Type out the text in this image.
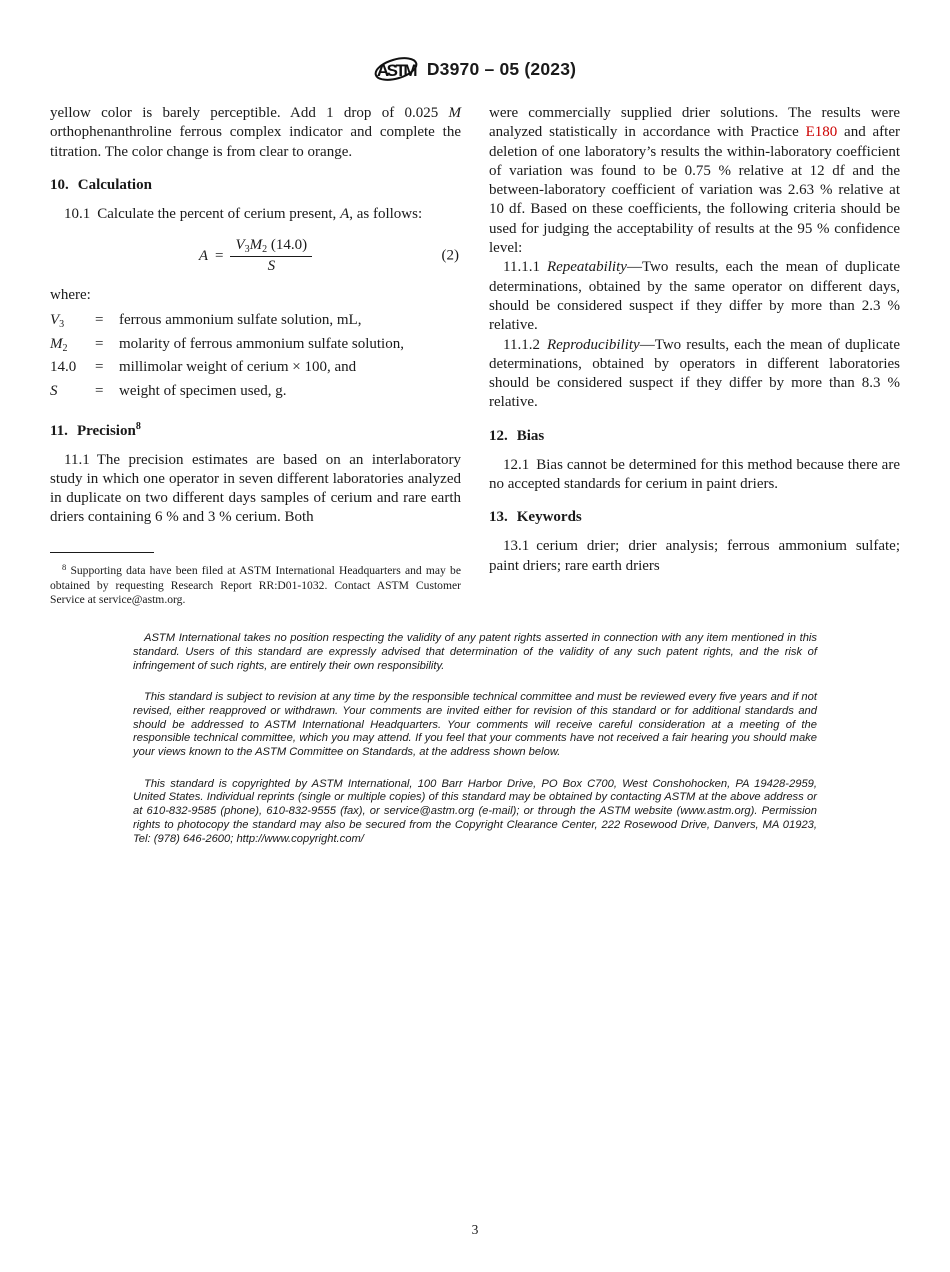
ASTM D3970 – 05 (2023)

yellow color is barely perceptible. Add 1 drop of 0.025 M orthophenanthroline ferrous complex indicator and complete the titration. The color change is from clear to orange.

10. Calculation

10.1 Calculate the percent of cerium present, A, as follows:

$A = \frac{V_3M_2 (14.0)}{S}$	(2)

where:

$V_3$	=	ferrous ammonium sulfate solution, mL,
$M_2$	=	molarity of ferrous ammonium sulfate solution,
14.0	=	millimolar weight of cerium × 100, and
S	=	weight of specimen used, g.
11. Precision$^8$

11.1 The precision estimates are based on an interlaboratory study in which one operator in seven different laboratories analyzed in duplicate on two different days samples of cerium and rare earth driers containing 6 % and 3 % cerium. Both

$^8$ Supporting data have been filed at ASTM International Headquarters and may be obtained by requesting Research Report RR:D01-1032. Contact ASTM Customer Service at service@astm.org.

were commercially supplied drier solutions. The results were analyzed statistically in accordance with Practice E180 and after deletion of one laboratory’s results the within-laboratory coefficient of variation was found to be 0.75 % relative at 12 df and the between-laboratory coefficient of variation was 2.63 % relative at 10 df. Based on these coefficients, the following criteria should be used for judging the acceptability of results at the 95 % confidence level:

11.1.1 Repeatability—Two results, each the mean of duplicate determinations, obtained by the same operator on different days, should be considered suspect if they differ by more than 2.3 % relative.

11.1.2 Reproducibility—Two results, each the mean of duplicate determinations, obtained by operators in different laboratories should be considered suspect if they differ by more than 8.3 % relative.

12. Bias

12.1 Bias cannot be determined for this method because there are no accepted standards for cerium in paint driers.

13. Keywords

13.1 cerium drier; drier analysis; ferrous ammonium sulfate; paint driers; rare earth driers

ASTM International takes no position respecting the validity of any patent rights asserted in connection with any item mentioned in this standard. Users of this standard are expressly advised that determination of the validity of any such patent rights, and the risk of infringement of such rights, are entirely their own responsibility.

This standard is subject to revision at any time by the responsible technical committee and must be reviewed every five years and if not revised, either reapproved or withdrawn. Your comments are invited either for revision of this standard or for additional standards and should be addressed to ASTM International Headquarters. Your comments will receive careful consideration at a meeting of the responsible technical committee, which you may attend. If you feel that your comments have not received a fair hearing you should make your views known to the ASTM Committee on Standards, at the address shown below.

This standard is copyrighted by ASTM International, 100 Barr Harbor Drive, PO Box C700, West Conshohocken, PA 19428-2959, United States. Individual reprints (single or multiple copies) of this standard may be obtained by contacting ASTM at the above address or at 610-832-9585 (phone), 610-832-9555 (fax), or service@astm.org (e-mail); or through the ASTM website (www.astm.org). Permission rights to photocopy the standard may also be secured from the Copyright Clearance Center, 222 Rosewood Drive, Danvers, MA 01923, Tel: (978) 646-2600; http://www.copyright.com/

3
